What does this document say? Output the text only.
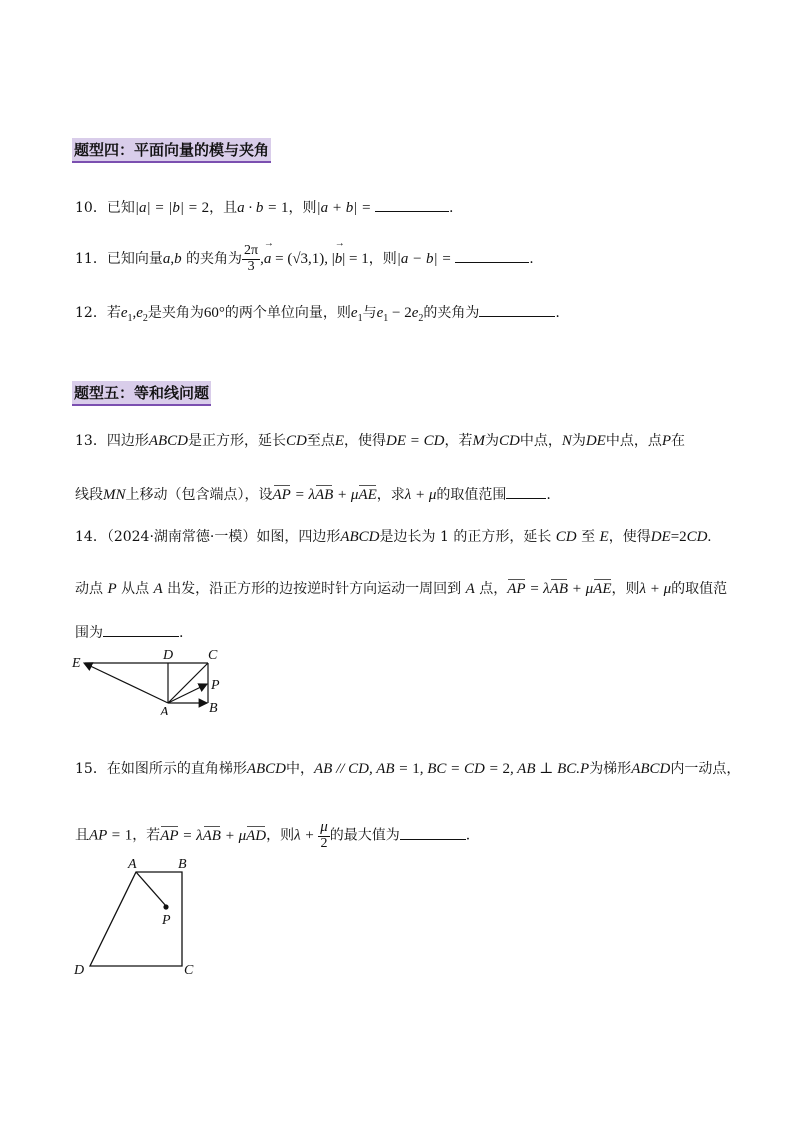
题型四：平面向量的模与夹角
10．已知|a| = |b| = 2，且a · b = 1，则|a + b| =	.
11．已知向量a,b 的夹角为 $\frac{2\pi}{3} ,a$ → = (√3,1), |b →| = 1，则|a − b| =	.
12．若$e_1,e_2$是夹角为60°的两个单位向量，则$e_1$与$e_1 - 2e_2$的夹角为	.
题型五：等和线问题
13．四边形ABCD是正方形，延长CD至点E，使得DE = CD，若M为CD中点，N为DE中点，点P在
线段MN上移动（包含端点），设AP = λAB + μAE，求λ + μ的取值范围	.
14．（2024·湖南常德·一模）如图，四边形ABCD是边长为 1 的正方形，延长 CD 至 E，使得DE=2CD.
动点 P 从点 A 出发，沿正方形的边按逆时针方向运动一周回到 A 点，AP = λAB + μAE，则λ + μ的取值范
围为	.
E
D C
P
A	B
15．在如图所示的直角梯形ABCD中，AB // CD, AB = 1, BC = CD = 2, AB ⊥ BC.P为梯形ABCD内一动点，
且AP = 1，若AP = λAB + μAD，则$\lambda + \frac{\mu}{2}$ 的最大值为	.
A	B
P
D	C
